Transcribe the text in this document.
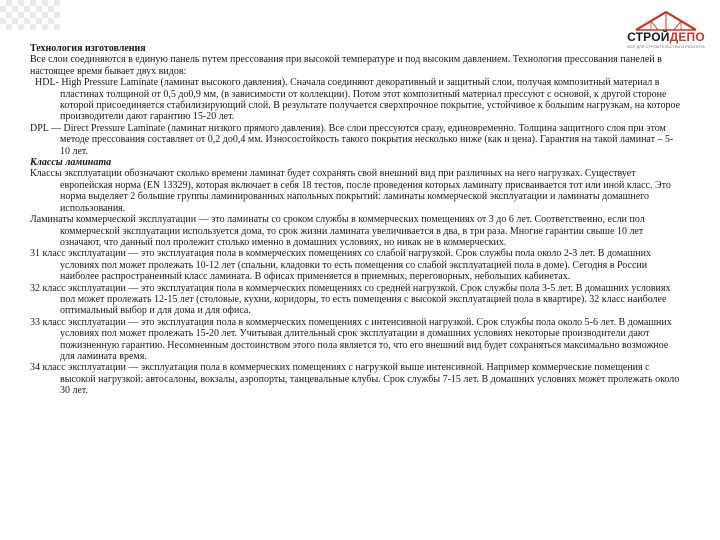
СТРОЙДЕПО
ВСЁ ДЛЯ СТРОИТЕЛЬСТВА И РЕМОНТА

Технология изготовления

Все слои соединяются в единую панель путем прессования при высокой температуре и под высоким давлением. Технология прессования панелей в настоящее время бывает двух видов:

HDL- High Pressure Laminate (ламинат высокого давления). Сначала соединяют декоративный и защитный слои, получая композитный материал в пластинах толщиной от 0,5 до0,9 мм, (в зависимости от коллекции). Потом этот композитный материал прессуют с основой, к другой стороне которой присоединяется стабилизирующий слой. В результате получается сверхпрочное покрытие, устойчивое к большим нагрузкам, на которое производители дают гарантию 15-20 лет.

DPL — Direct Pressure Laminate (ламинат низкого прямого давления). Все слои прессуются сразу, единовременно. Толщина защитного слоя при этом методе прессования составляет от 0,2 до0,4 мм. Износостойкость такого покрытия несколько ниже (как и цена). Гарантия на такой ламинат – 5-10 лет.

Классы ламината

Классы эксплуатации обозначают сколько времени ламинат будет сохранять свой внешний вид при различных на него нагрузках. Существует европейская норма (EN 13329), которая включает в себя 18 тестов, после проведения которых ламинату присваивается тот или иной класс. Это норма выделяет 2 большие группы ламинированных напольных покрытий: ламинаты коммерческой эксплуатации и ламинаты домашнего использования.

Ламинаты коммерческой эксплуатации — это ламинаты со сроком службы в коммерческих помещениях от 3 до 6 лет. Соответственно, если пол коммерческой эксплуатации используется дома, то срок жизни ламината увеличивается в два, в три раза. Многие гарантии свыше 10 лет означают, что данный пол пролежит столько именно в домашних условиях, но никак не в коммерческих.

31 класс эксплуатации — это эксплуатация пола в коммерческих помещениях со слабой нагрузкой. Срок службы пола около 2-3 лет. В домашних условиях пол может пролежать 10-12 лет (спальни, кладовки то есть помещения со слабой эксплуатацией пола в доме). Сегодня в России наиболее распространенный класс ламината. В офисах применяется в приемных, переговорных, небольших кабинетах.

32 класс эксплуатации — это эксплуатация пола в коммерческих помещениях со средней нагрузкой. Срок службы пола 3-5 лет. В домашних условиях пол может пролежать 12-15 лет (столовые, кухни, коридоры, то есть помещения с высокой эксплуатацией пола в квартире). 32 класс наиболее оптимальный выбор и для дома и для офиса.

33 класс эксплуатации — это эксплуатация пола в коммерческих помещениях с интенсивной нагрузкой. Срок службы пола около 5-6 лет. В домашних условиях пол может пролежать 15-20 лет. Учитывая длительный срок эксплуатации в домашних условиях некоторые производители дают пожизненную гарантию. Несомненным достоинством этого пола является то, что его внешний вид будет сохраняться максимально возможное для ламината время.

34 класс эксплуатации — эксплуатация пола в коммерческих помещениях с нагрузкой выше интенсивной. Например коммерческие помещения с высокой нагрузкой: автосалоны, вокзалы, аэропорты, танцевальные клубы. Срок службы 7-15 лет. В домашних условиях может пролежать около 30 лет.
